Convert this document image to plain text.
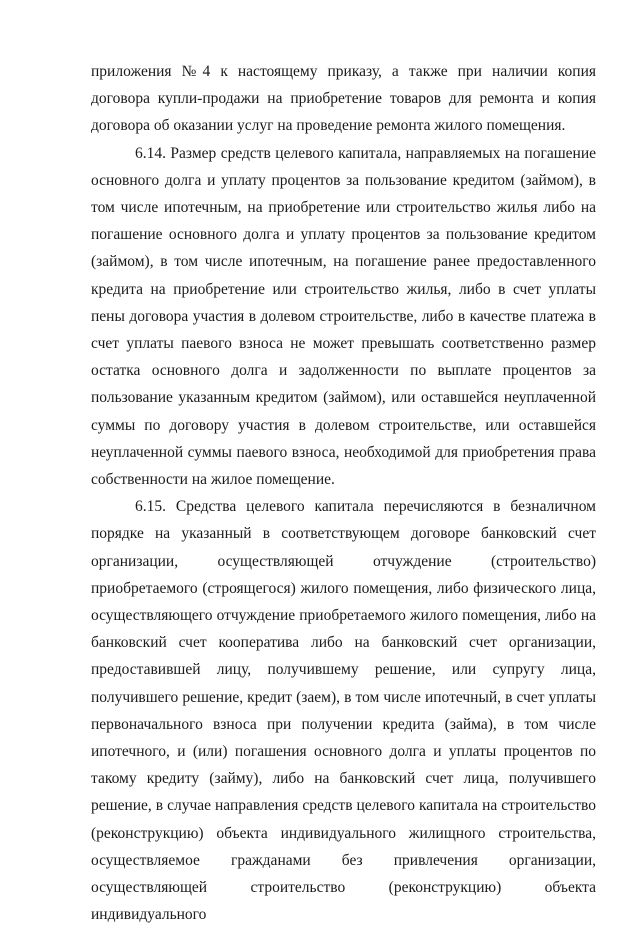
приложения №4 к настоящему приказу, а также при наличии копия договора купли-продажи на приобретение товаров для ремонта и копия договора об оказании услуг на проведение ремонта жилого помещения.

6.14. Размер средств целевого капитала, направляемых на погашение основного долга и уплату процентов за пользование кредитом (займом), в том числе ипотечным, на приобретение или строительство жилья либо на погашение основного долга и уплату процентов за пользование кредитом (займом), в том числе ипотечным, на погашение ранее предоставленного кредита на приобретение или строительство жилья, либо в счет уплаты пены договора участия в долевом строительстве, либо в качестве платежа в счет уплаты паевого взноса не может превышать соответственно размер остатка основного долга и задолженности по выплате процентов за пользование указанным кредитом (займом), или оставшейся неуплаченной суммы по договору участия в долевом строительстве, или оставшейся неуплаченной суммы паевого взноса, необходимой для приобретения права собственности на жилое помещение.

6.15. Средства целевого капитала перечисляются в безналичном порядке на указанный в соответствующем договоре банковский счет организации, осуществляющей отчуждение (строительство) приобретаемого (строящегося) жилого помещения, либо физического лица, осуществляющего отчуждение приобретаемого жилого помещения, либо на банковский счет кооператива либо на банковский счет организации, предоставившей лицу, получившему решение, или супругу лица, получившего решение, кредит (заем), в том числе ипотечный, в счет уплаты первоначального взноса при получении кредита (займа), в том числе ипотечного, и (или) погашения основного долга и уплаты процентов по такому кредиту (займу), либо на банковский счет лица, получившего решение, в случае направления средств целевого капитала на строительство (реконструкцию) объекта индивидуального жилищного строительства, осуществляемое гражданами без привлечения организации, осуществляющей строительство (реконструкцию) объекта индивидуального
